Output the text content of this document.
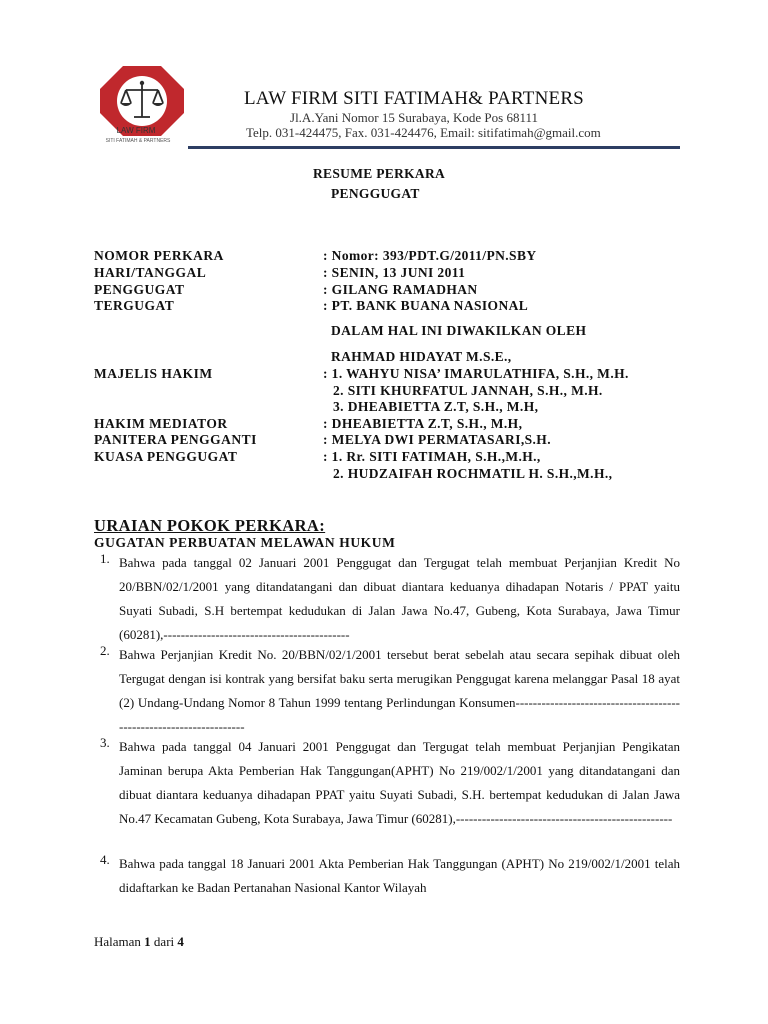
LAW FIRM
SITI FATIMAH & PARTNERS
LAW FIRM SITI FATIMAH& PARTNERS
Jl.A.Yani Nomor 15 Surabaya, Kode Pos 68111
Telp. 031-424475, Fax. 031-424476, Email: sitifatimah@gmail.com
RESUME PERKARA
PENGGUGAT
NOMOR PERKARA	: Nomor: 393/PDT.G/2011/PN.SBY
HARI/TANGGAL	: SENIN, 13 JUNI 2011
PENGGUGAT	: GILANG RAMADHAN
TERGUGAT	: PT. BANK BUANA NASIONAL
DALAM HAL INI DIWAKILKAN OLEH
RAHMAD HIDAYAT M.S.E.,
MAJELIS HAKIM	: 1. WAHYU NISA’ IMARULATHIFA, S.H., M.H.
2. SITI KHURFATUL JANNAH, S.H., M.H.
3. DHEABIETTA Z.T, S.H., M.H,
HAKIM MEDIATOR	: DHEABIETTA Z.T, S.H., M.H,
PANITERA PENGGANTI	: MELYA DWI PERMATASARI,S.H.
KUASA PENGGUGAT	: 1. Rr. SITI FATIMAH, S.H.,M.H.,
2. HUDZAIFAH ROCHMATIL H. S.H.,M.H.,
URAIAN POKOK PERKARA:
GUGATAN PERBUATAN MELAWAN HUKUM
1. Bahwa pada tanggal 02 Januari 2001 Penggugat dan Tergugat telah membuat Perjanjian Kredit No 20/BBN/02/1/2001 yang ditandatangani dan dibuat diantara keduanya dihadapan Notaris / PPAT yaitu Suyati Subadi, S.H bertempat kedudukan di Jalan Jawa No.47, Gubeng, Kota Surabaya, Jawa Timur (60281),-------------------------------------------
2. Bahwa Perjanjian Kredit No. 20/BBN/02/1/2001 tersebut berat sebelah atau secara sepihak dibuat oleh Tergugat dengan isi kontrak yang bersifat baku serta merugikan Penggugat karena melanggar Pasal 18 ayat (2) Undang-Undang Nomor 8 Tahun 1999 tentang Perlindungan Konsumen-------------------------------------------------------------------
3. Bahwa pada tanggal 04 Januari 2001 Penggugat dan Tergugat telah membuat Perjanjian Pengikatan Jaminan berupa Akta Pemberian Hak Tanggungan(APHT) No 219/002/1/2001 yang ditandatangani dan dibuat diantara keduanya dihadapan PPAT yaitu Suyati Subadi, S.H. bertempat kedudukan di Jalan Jawa No.47 Kecamatan Gubeng, Kota Surabaya, Jawa Timur (60281),--------------------------------------------------
4. Bahwa pada tanggal 18 Januari 2001 Akta Pemberian Hak Tanggungan (APHT) No 219/002/1/2001 telah didaftarkan ke Badan Pertanahan Nasional Kantor Wilayah
Halaman 1 dari 4
